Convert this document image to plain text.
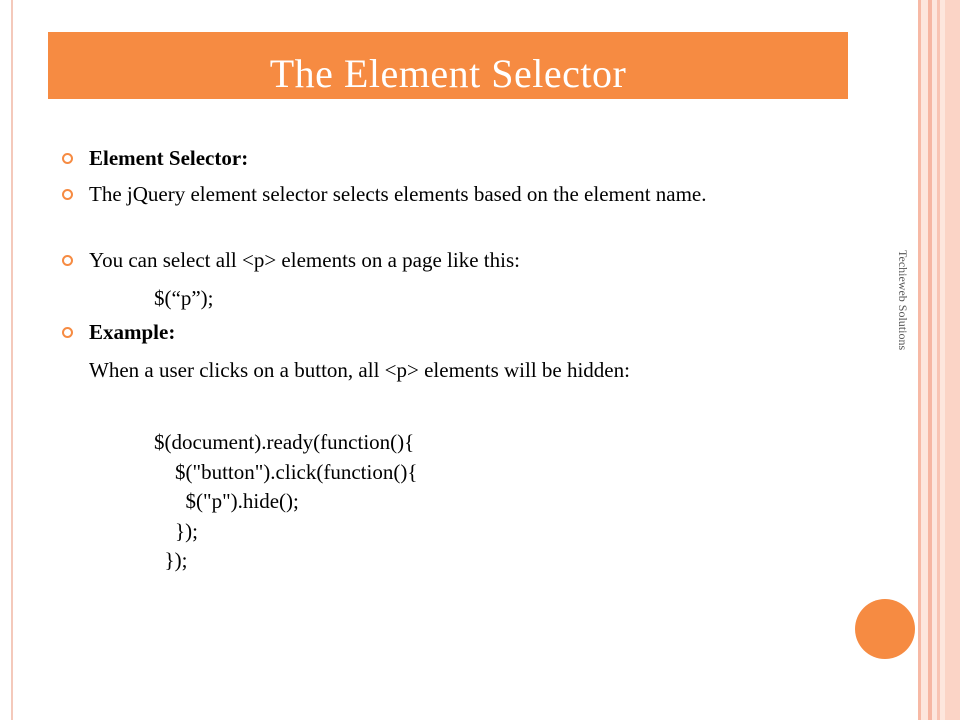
The Element Selector
Techieweb Solutions
Element Selector:
The jQuery element selector selects elements based on the element name.
You can select all <p> elements on a page like this:
$(“p”);
Example:
When a user clicks on a button, all <p> elements will be hidden:
$(document).ready(function(){
$("button").click(function(){
$("p").hide();
});
});
